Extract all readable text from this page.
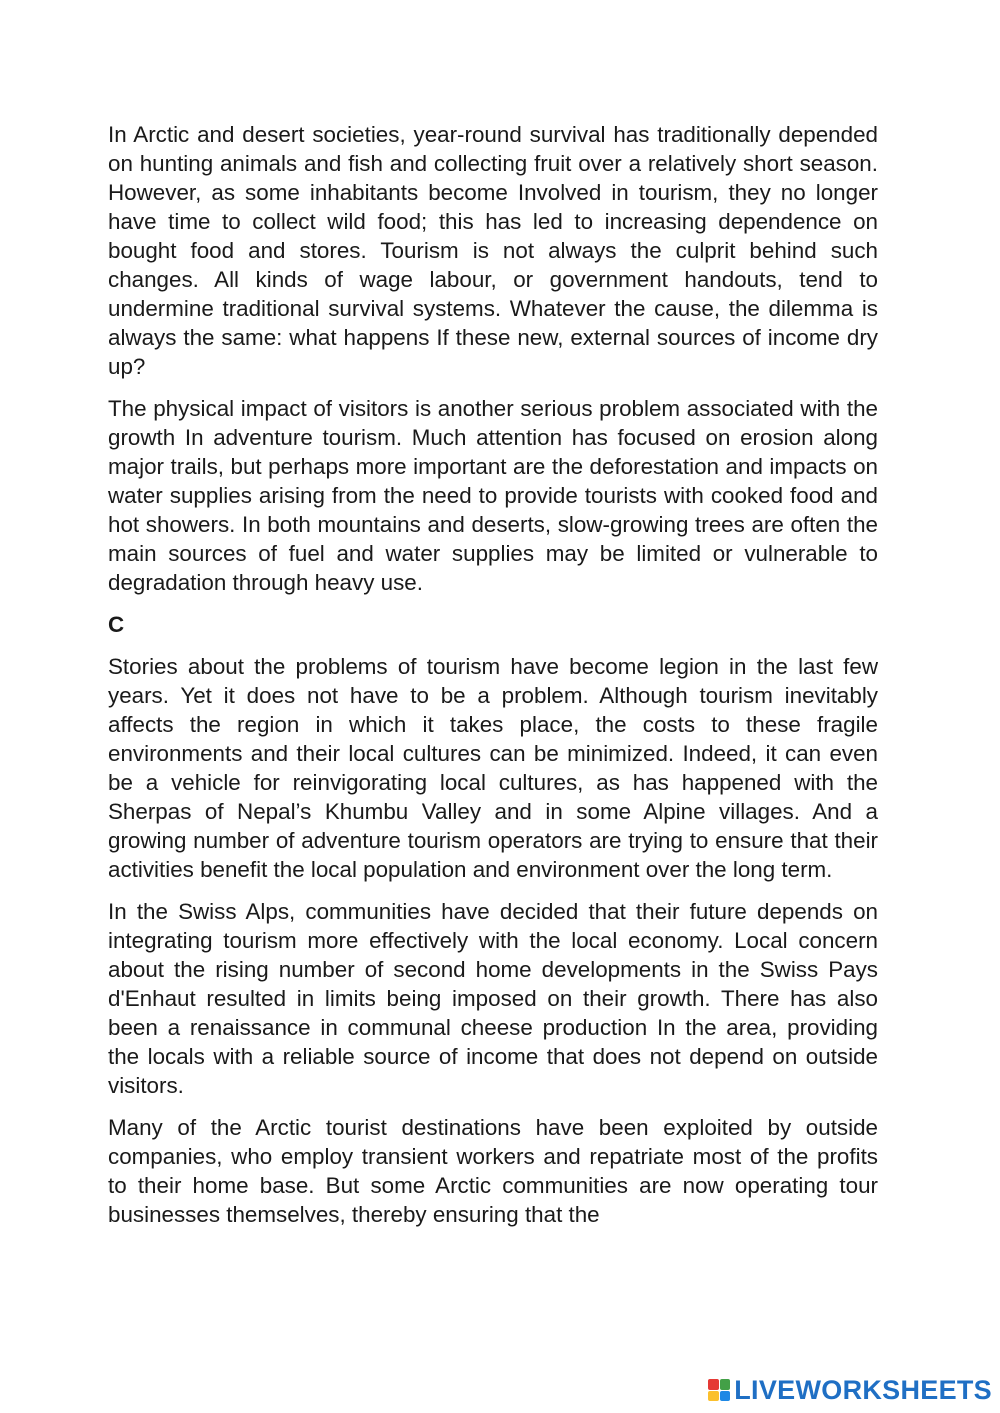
In Arctic and desert societies, year-round survival has traditionally depended on hunting animals and fish and collecting fruit over a relatively short season. However, as some inhabitants become Involved in tourism, they no longer have time to collect wild food; this has led to increasing dependence on bought food and stores. Tourism is not always the culprit behind such changes. All kinds of wage labour, or government handouts, tend to undermine traditional survival systems. Whatever the cause, the dilemma is always the same: what happens If these new, external sources of income dry up?

The physical impact of visitors is another serious problem associated with the growth In adventure tourism. Much attention has focused on erosion along major trails, but perhaps more important are the deforestation and impacts on water supplies arising from the need to provide tourists with cooked food and hot showers. In both mountains and deserts, slow-growing trees are often the main sources of fuel and water supplies may be limited or vulnerable to degradation through heavy use.

C

Stories about the problems of tourism have become legion in the last few years. Yet it does not have to be a problem. Although tourism inevitably affects the region in which it takes place, the costs to these fragile environments and their local cultures can be minimized. Indeed, it can even be a vehicle for reinvigorating local cultures, as has happened with the Sherpas of Nepal’s Khumbu Valley and in some Alpine villages. And a growing number of adventure tourism operators are trying to ensure that their activities benefit the local population and environment over the long term.

In the Swiss Alps, communities have decided that their future depends on integrating tourism more effectively with the local economy. Local concern about the rising number of second home developments in the Swiss Pays d'Enhaut resulted in limits being imposed on their growth. There has also been a renaissance in communal cheese production In the area, providing the locals with a reliable source of income that does not depend on outside visitors.

Many of the Arctic tourist destinations have been exploited by outside companies, who employ transient workers and repatriate most of the profits to their home base. But some Arctic communities are now operating tour businesses themselves, thereby ensuring that the

LIVEWORKSHEETS
